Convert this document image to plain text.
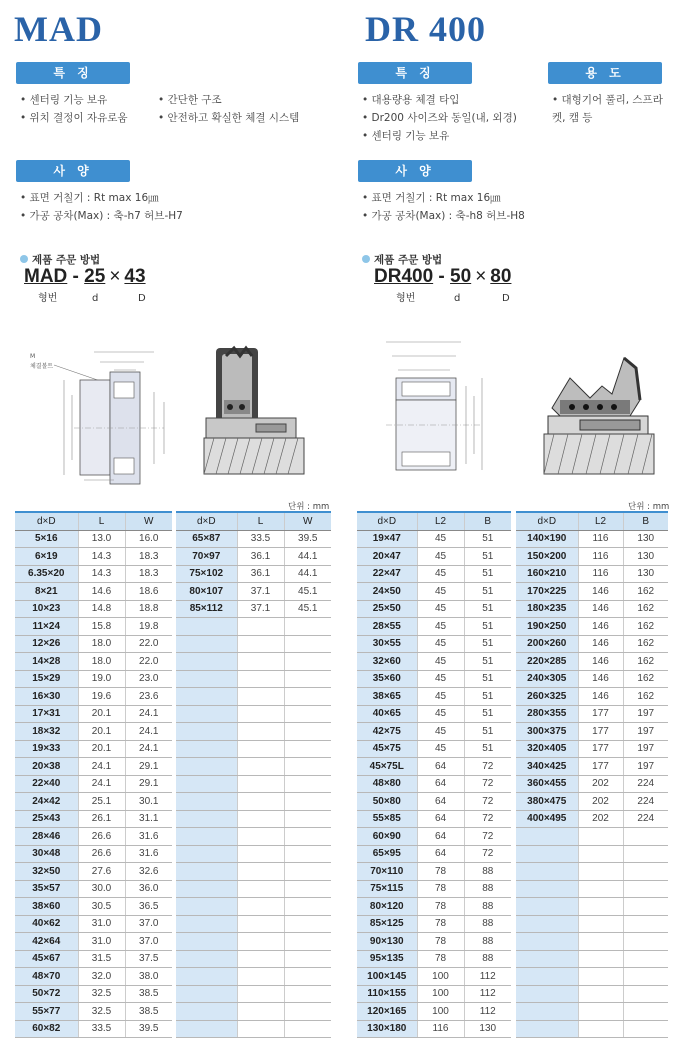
MAD
특 징
• 센터링 기능 보유
• 위치 결정이 자유로움
• 간단한 구조
• 안전하고 확실한 체결 시스템
사 양
• 표면 거칠기 : Rt max 16㎛
• 가공 공차(Max) : 축-h7 허브-H7
제품 주문 방법
MAD - 25 × 43
형번	d	D
M
체결볼트
DR 400
특 징
• 대용량용 체결 타입
• Dr200 사이즈와 동일(내, 외경)
• 센터링 기능 보유
용 도
• 대형기어 풀리, 스프라켓, 캠 등
사 양
• 표면 거칠기 : Rt max 16㎛
• 가공 공차(Max) : 축-h8 허브-H8
제품 주문 방법
DR400 - 50 × 80
형번	d	D
단위 : mm	단위 : mm
d×D	L	W
5×16	13.0	16.0
6×19	14.3	18.3
6.35×20	14.3	18.3
8×21	14.6	18.6
10×23	14.8	18.8
11×24	15.8	19.8
12×26	18.0	22.0
14×28	18.0	22.0
15×29	19.0	23.0
16×30	19.6	23.6
17×31	20.1	24.1
18×32	20.1	24.1
19×33	20.1	24.1
20×38	24.1	29.1
22×40	24.1	29.1
24×42	25.1	30.1
25×43	26.1	31.1
28×46	26.6	31.6
30×48	26.6	31.6
32×50	27.6	32.6
35×57	30.0	36.0
38×60	30.5	36.5
40×62	31.0	37.0
42×64	31.0	37.0
45×67	31.5	37.5
48×70	32.0	38.0
50×72	32.5	38.5
55×77	32.5	38.5
60×82	33.5	39.5
d×D	L	W
65×87	33.5	39.5
70×97	36.1	44.1
75×102	36.1	44.1
80×107	37.1	45.1
85×112	37.1	45.1

d×D	L2	B
19×47	45	51
20×47	45	51
22×47	45	51
24×50	45	51
25×50	45	51
28×55	45	51
30×55	45	51
32×60	45	51
35×60	45	51
38×65	45	51
40×65	45	51
42×75	45	51
45×75	45	51
45×75L	64	72
48×80	64	72
50×80	64	72
55×85	64	72
60×90	64	72
65×95	64	72
70×110	78	88
75×115	78	88
80×120	78	88
85×125	78	88
90×130	78	88
95×135	78	88
100×145	100	112
110×155	100	112
120×165	100	112
130×180	116	130
d×D	L2	B
140×190	116	130
150×200	116	130
160×210	116	130
170×225	146	162
180×235	146	162
190×250	146	162
200×260	146	162
220×285	146	162
240×305	146	162
260×325	146	162
280×355	177	197
300×375	177	197
320×405	177	197
340×425	177	197
360×455	202	224
380×475	202	224
400×495	202	224
